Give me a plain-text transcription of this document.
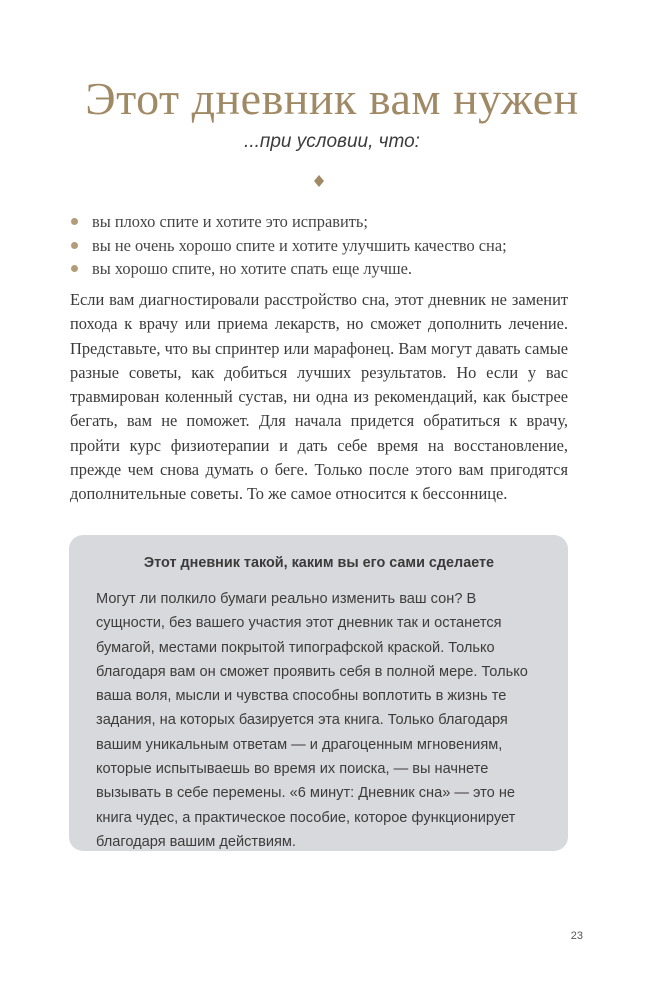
Этот дневник вам нужен
...при условии, что:
вы плохо спите и хотите это исправить;
вы не очень хорошо спите и хотите улучшить качество сна;
вы хорошо спите, но хотите спать еще лучше.

Если вам диагностировали расстройство сна, этот дневник не заменит похода к врачу или приема лекарств, но сможет дополнить лечение. Представьте, что вы спринтер или марафонец. Вам могут давать самые разные советы, как добиться лучших результатов. Но если у вас травмирован коленный сустав, ни одна из рекомендаций, как быстрее бегать, вам не поможет. Для начала придется обратиться к врачу, пройти курс физиотерапии и дать себе время на восстановление, прежде чем снова думать о беге. Только после этого вам пригодятся дополнительные советы. То же самое относится к бессоннице.

Этот дневник такой, каким вы его сами сделаете

Могут ли полкило бумаги реально изменить ваш сон? В сущности, без вашего участия этот дневник так и останется бумагой, местами покрытой типографской краской. Только благодаря вам он сможет проявить себя в полной мере. Только ваша воля, мысли и чувства способны воплотить в жизнь те задания, на которых базируется эта книга. Только благодаря вашим уникальным ответам — и драгоценным мгновениям, которые испытываешь во время их поиска, — вы начнете вызывать в себе перемены. «6 минут: Дневник сна» — это не книга чудес, а практическое пособие, которое функционирует благодаря вашим действиям.

23
